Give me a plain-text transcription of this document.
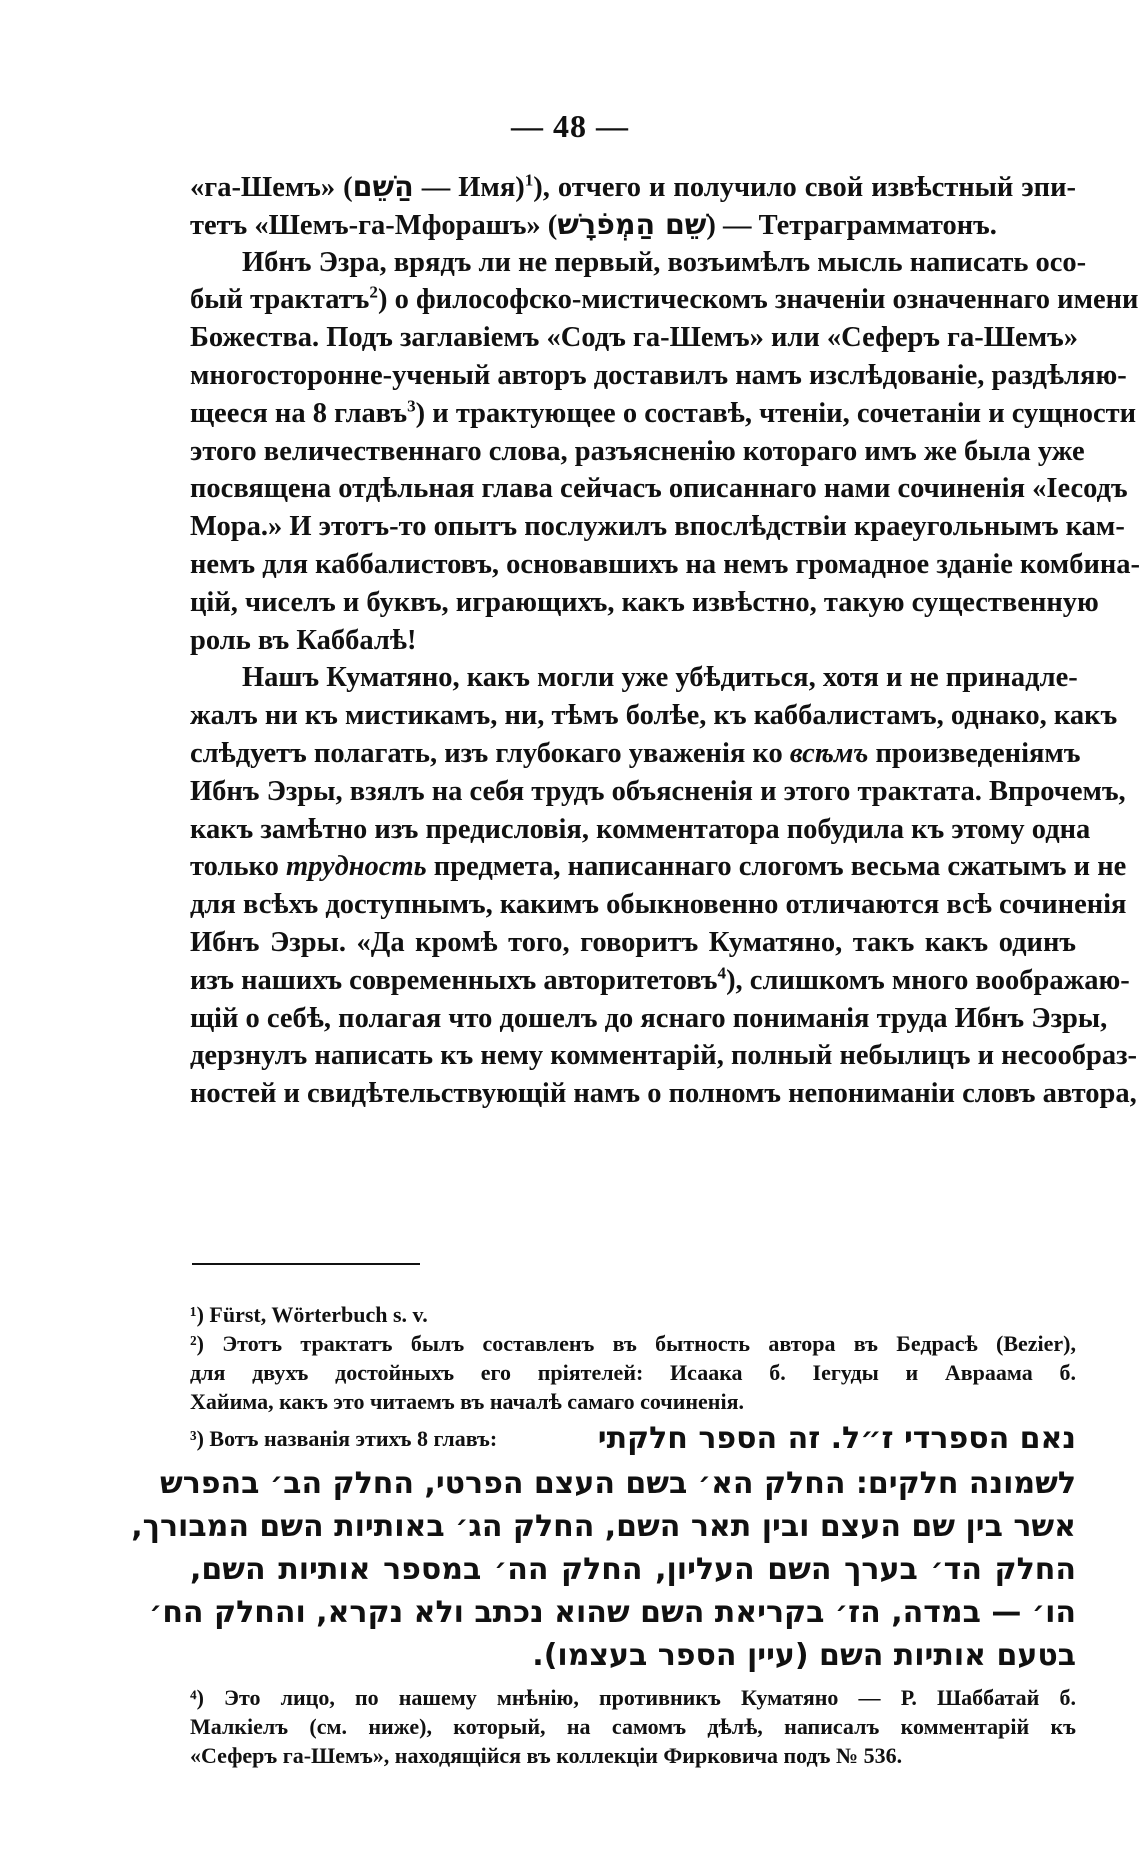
— 48 —
«га-Шемъ» (הַשֵׁם — Имя)$^1$), отчего и получило свой извѣстный эпи-
тетъ «Шемъ-га-Мфорашъ» (שֵׁם הַמְפֹרָשׁ) — Тетраграмматонъ.
Ибнъ Эзра, врядъ ли не первый, возъимѣлъ мысль написать осо-
бый трактатъ$^2$) о философско-мистическомъ значеніи означеннаго имени
Божества. Подъ заглавіемъ «Содъ га-Шемъ» или «Сеферъ га-Шемъ»
многосторонне-ученый авторъ доставилъ намъ изслѣдованіе, раздѣляю-
щееся на 8 главъ$^3$) и трактующее о составѣ, чтеніи, сочетаніи и сущности
этого величественнаго слова, разъясненію котораго имъ же была уже
посвящена отдѣльная глава сейчасъ описаннаго нами сочиненія «Iесодъ
Мора.» И этотъ-то опытъ послужилъ впослѣдствіи краеугольнымъ кам-
немъ для каббалистовъ, основавшихъ на немъ громадное зданіе комбина-
цій, чиселъ и буквъ, играющихъ, какъ извѣстно, такую существенную
роль въ Каббалѣ!
Нашъ Куматяно, какъ могли уже убѣдиться, хотя и не принадле-
жалъ ни къ мистикамъ, ни, тѣмъ болѣе, къ каббалистамъ, однако, какъ
слѣдуетъ полагать, изъ глубокаго уваженія ко всѣмъ произведеніямъ
Ибнъ Эзры, взялъ на себя трудъ объясненія и этого трактата. Впрочемъ,
какъ замѣтно изъ предисловія, комментатора побудила къ этому одна
только трудность предмета, написаннаго слогомъ весьма сжатымъ и не
для всѣхъ доступнымъ, какимъ обыкновенно отличаются всѣ сочиненія
Ибнъ Эзры. «Да кромѣ того, говоритъ Куматяно, такъ какъ одинъ
изъ нашихъ современныхъ авторитетовъ$^4$), слишкомъ много воображаю-
щій о себѣ, полагая что дошелъ до яснаго пониманія труда Ибнъ Эзры,
дерзнулъ написать къ нему комментарій, полный небылицъ и несообраз-
ностей и свидѣтельствующій намъ о полномъ непониманіи словъ автора,
¹) Fürst, Wörterbuch s. v.
²) Этотъ трактатъ былъ составленъ въ бытность автора въ Бедрасѣ (Bezier),
для двухъ достойныхъ его пріятелей: Исаака б. Iегуды и Авраама б.
Хайима, какъ это читаемъ въ началѣ самаго сочиненія.
³) Вотъ названія этихъ 8 главъ:	נאם הספרדי ז״ל. זה הספר חלקתי
לשמונה חלקים: החלק הא׳ בשם העצם הפרטי, החלק הב׳ בהפרש
אשר בין שם העצם ובין תאר השם, החלק הג׳ באותיות השם המבורך,
החלק הד׳ בערך השם העליון, החלק הה׳ במספר אותיות השם,
הו׳ — במדה, הז׳ בקריאת השם שהוא נכתב ולא נקרא, והחלק הח׳
בטעם אותיות השם (עיין הספר בעצמו).
⁴) Это лицо, по нашему мнѣнію, противникъ Куматяно — Р. Шаббатай б.
Малкіелъ (см. ниже), который, на самомъ дѣлѣ, написалъ комментарій къ
«Сеферъ га-Шемъ», находящійся въ коллекціи Фирковича подъ № 536.
